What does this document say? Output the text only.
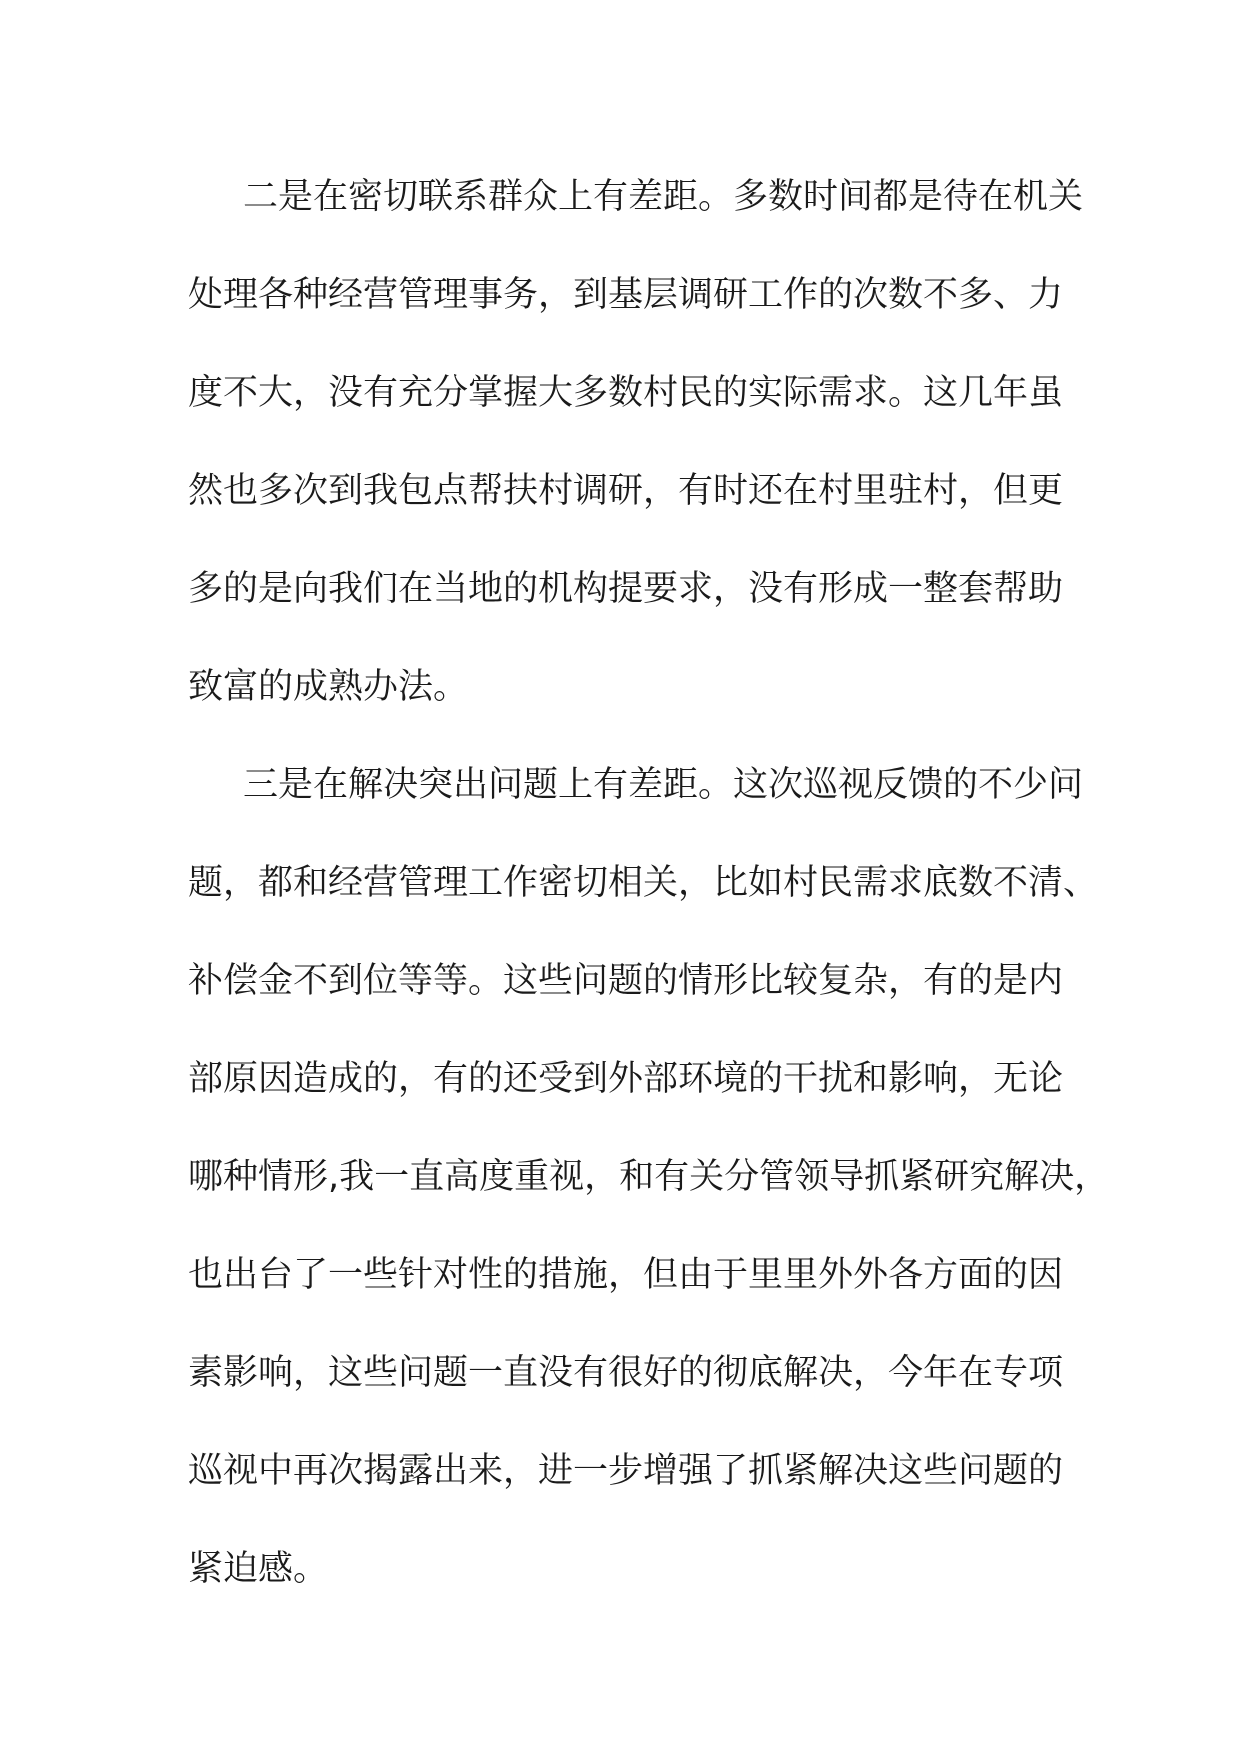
二是在密切联系群众上有差距。多数时间都是待在机关
处理各种经营管理事务，到基层调研工作的次数不多、力
度不大，没有充分掌握大多数村民的实际需求。这几年虽
然也多次到我包点帮扶村调研，有时还在村里驻村，但更
多的是向我们在当地的机构提要求，没有形成一整套帮助
致富的成熟办法。
三是在解决突出问题上有差距。这次巡视反馈的不少问
题，都和经营管理工作密切相关，比如村民需求底数不清、
补偿金不到位等等。这些问题的情形比较复杂，有的是内
部原因造成的，有的还受到外部环境的干扰和影响，无论
哪种情形,我一直高度重视，和有关分管领导抓紧研究解决，
也出台了一些针对性的措施，但由于里里外外各方面的因
素影响，这些问题一直没有很好的彻底解决，今年在专项
巡视中再次揭露出来，进一步增强了抓紧解决这些问题的
紧迫感。
